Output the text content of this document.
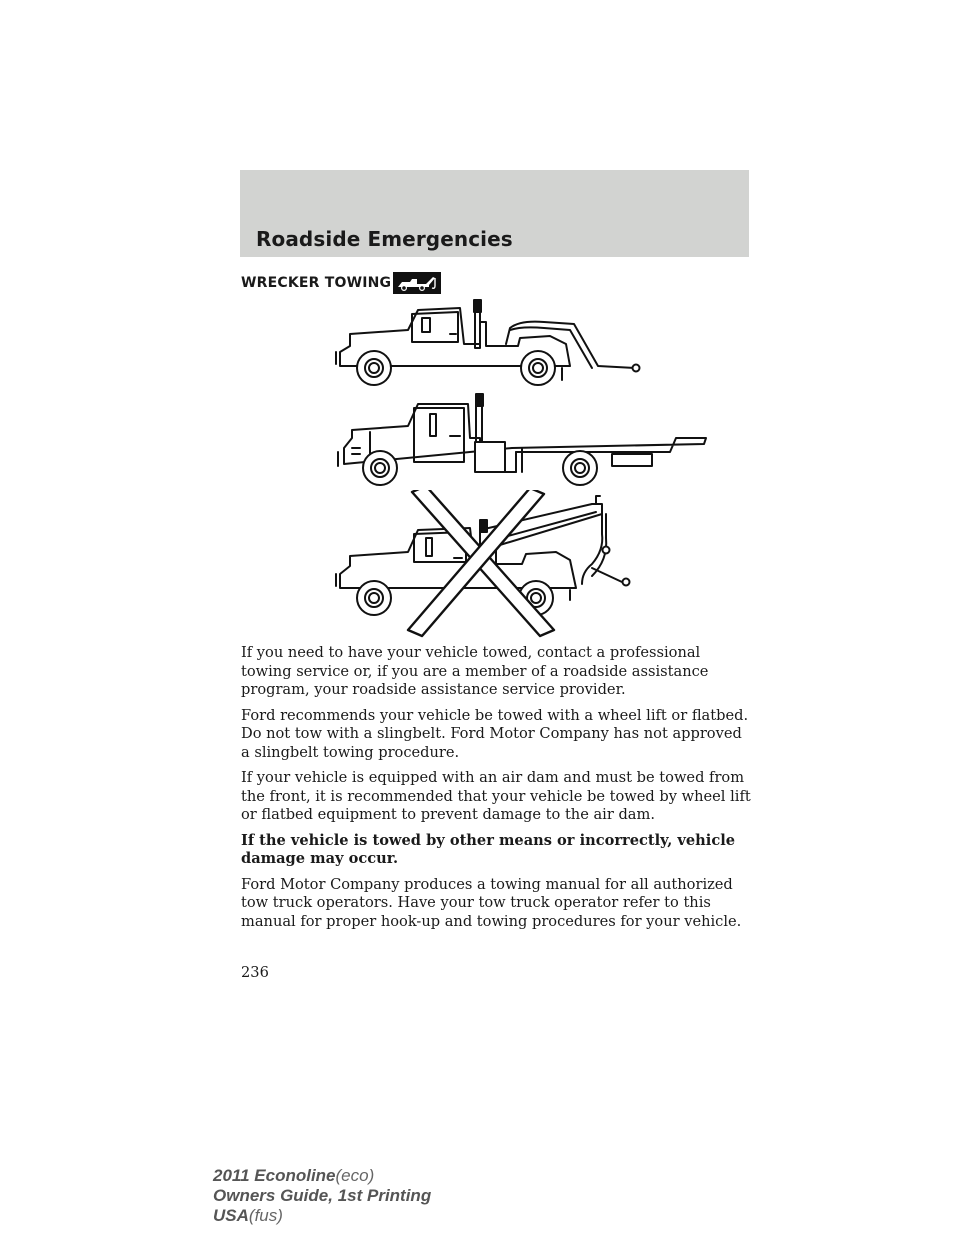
Roadside Emergencies
WRECKER TOWING

If you need to have your vehicle towed, contact a professional towing service or, if you are a member of a roadside assistance program, your roadside assistance service provider.

Ford recommends your vehicle be towed with a wheel lift or flatbed. Do not tow with a slingbelt. Ford Motor Company has not approved a slingbelt towing procedure.

If your vehicle is equipped with an air dam and must be towed from the front, it is recommended that your vehicle be towed by wheel lift or flatbed equipment to prevent damage to the air dam.

If the vehicle is towed by other means or incorrectly, vehicle damage may occur.

Ford Motor Company produces a towing manual for all authorized tow truck operators. Have your tow truck operator refer to this manual for proper hook-up and towing procedures for your vehicle.

236
2011 Econoline(eco)
Owners Guide, 1st Printing
USA(fus)
